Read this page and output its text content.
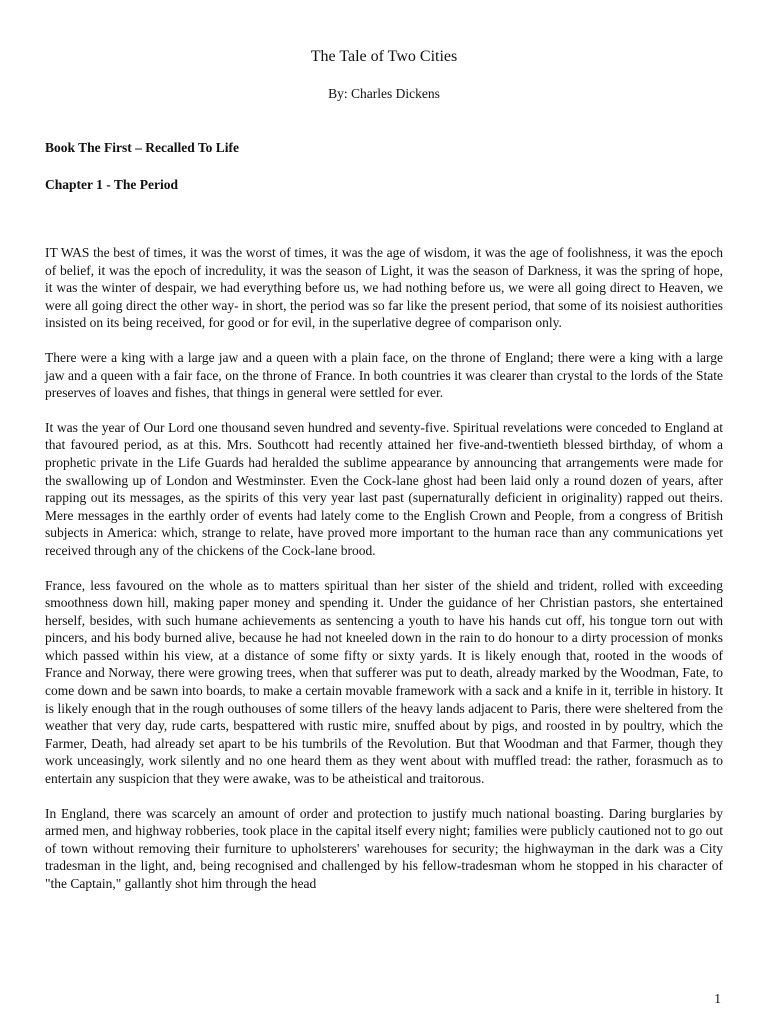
The Tale of Two Cities
By: Charles Dickens
Book The First – Recalled To Life
Chapter 1 - The Period

IT WAS the best of times, it was the worst of times, it was the age of wisdom, it was the age of foolishness, it was the epoch of belief, it was the epoch of incredulity, it was the season of Light, it was the season of Darkness, it was the spring of hope, it was the winter of despair, we had everything before us, we had nothing before us, we were all going direct to Heaven, we were all going direct the other way- in short, the period was so far like the present period, that some of its noisiest authorities insisted on its being received, for good or for evil, in the superlative degree of comparison only.

There were a king with a large jaw and a queen with a plain face, on the throne of England; there were a king with a large jaw and a queen with a fair face, on the throne of France. In both countries it was clearer than crystal to the lords of the State preserves of loaves and fishes, that things in general were settled for ever.

It was the year of Our Lord one thousand seven hundred and seventy-five. Spiritual revelations were conceded to England at that favoured period, as at this. Mrs. Southcott had recently attained her five-and-twentieth blessed birthday, of whom a prophetic private in the Life Guards had heralded the sublime appearance by announcing that arrangements were made for the swallowing up of London and Westminster. Even the Cock-lane ghost had been laid only a round dozen of years, after rapping out its messages, as the spirits of this very year last past (supernaturally deficient in originality) rapped out theirs. Mere messages in the earthly order of events had lately come to the English Crown and People, from a congress of British subjects in America: which, strange to relate, have proved more important to the human race than any communications yet received through any of the chickens of the Cock-lane brood.

France, less favoured on the whole as to matters spiritual than her sister of the shield and trident, rolled with exceeding smoothness down hill, making paper money and spending it. Under the guidance of her Christian pastors, she entertained herself, besides, with such humane achievements as sentencing a youth to have his hands cut off, his tongue torn out with pincers, and his body burned alive, because he had not kneeled down in the rain to do honour to a dirty procession of monks which passed within his view, at a distance of some fifty or sixty yards. It is likely enough that, rooted in the woods of France and Norway, there were growing trees, when that sufferer was put to death, already marked by the Woodman, Fate, to come down and be sawn into boards, to make a certain movable framework with a sack and a knife in it, terrible in history. It is likely enough that in the rough outhouses of some tillers of the heavy lands adjacent to Paris, there were sheltered from the weather that very day, rude carts, bespattered with rustic mire, snuffed about by pigs, and roosted in by poultry, which the Farmer, Death, had already set apart to be his tumbrils of the Revolution. But that Woodman and that Farmer, though they work unceasingly, work silently and no one heard them as they went about with muffled tread: the rather, forasmuch as to entertain any suspicion that they were awake, was to be atheistical and traitorous.

In England, there was scarcely an amount of order and protection to justify much national boasting. Daring burglaries by armed men, and highway robberies, took place in the capital itself every night; families were publicly cautioned not to go out of town without removing their furniture to upholsterers' warehouses for security; the highwayman in the dark was a City tradesman in the light, and, being recognised and challenged by his fellow-tradesman whom he stopped in his character of "the Captain," gallantly shot him through the head

1
